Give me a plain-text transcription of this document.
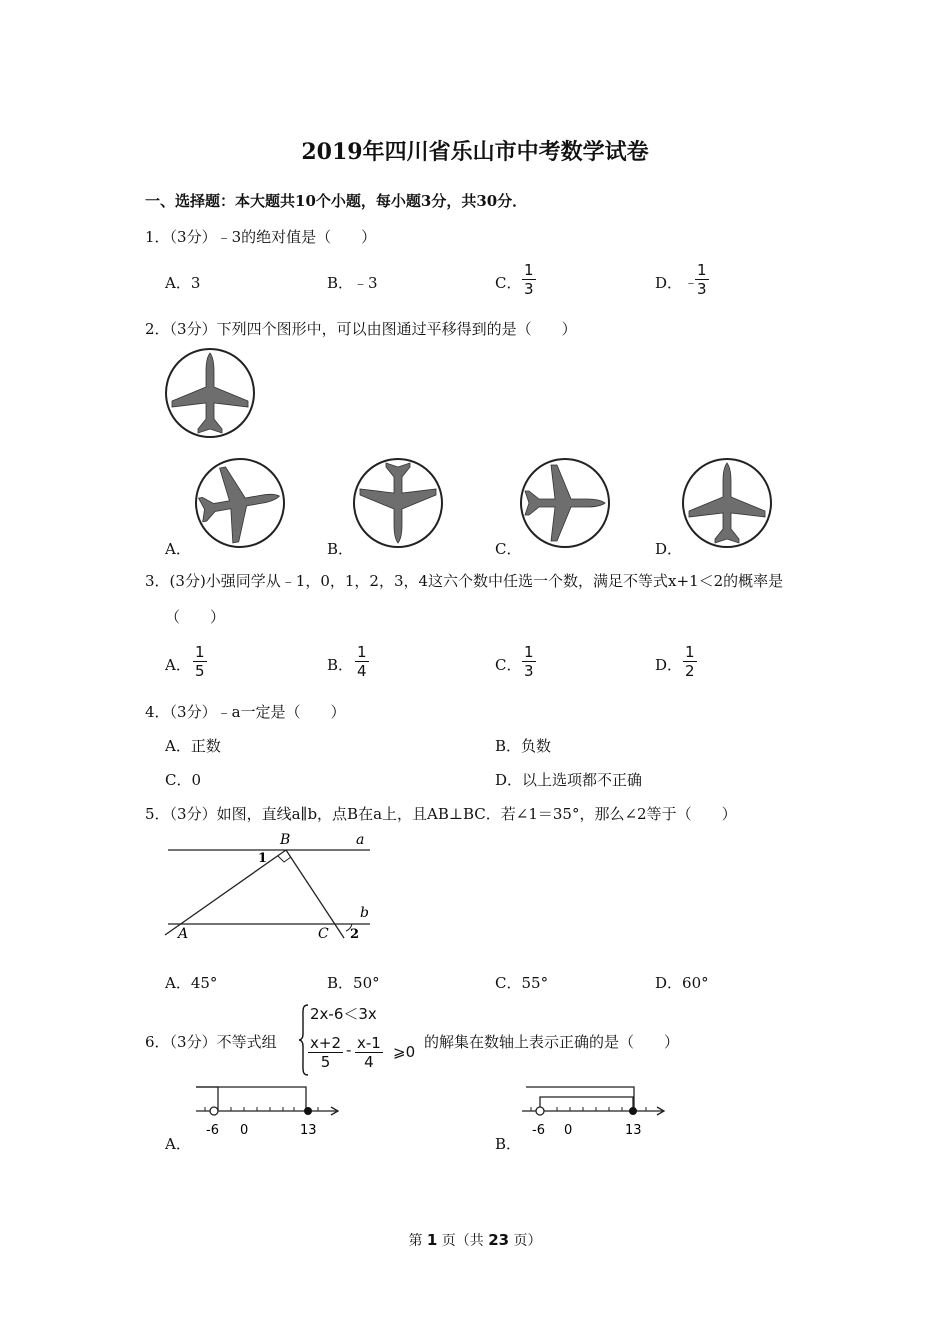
2019年四川省乐山市中考数学试卷
一、选择题：本大题共10个小题，每小题3分，共30分．
1．（3分）﹣3的绝对值是（　　）
A．3	B．﹣3	C． $\frac{1}{3}$	D． ﹣
$\frac{1}{3}$
2．（3分）下列四个图形中，可以由图通过平移得到的是（　　）
A．	B．	C．	D．
3．(3分)小强同学从﹣1，0，1，2，3，4这六个数中任选一个数，满足不等式x+1＜2的概率是
（　　）
A． $\frac{1}{5}$	B． $\frac{1}{4}$	C． $\frac{1}{3}$	D． $\frac{1}{2}$
4．（3分）﹣a一定是（　　）
A．正数	B．负数
C．0	D．以上选项都不正确
5．（3分）如图，直线a∥b，点B在a上，且AB⊥BC．若∠1＝35°，那么∠2等于（　　）
B	a
1
b
A	C 2
A．45°	B．50°	C．55°	D．60°
6．（3分）不等式组
2x-6＜3x
$\frac{x+2}{5} - \frac{x-1}{4}$ ⩾0
的解集在数轴上表示正确的是（　　）
-6 0	13
A．
-6 0	13
B．
第 1 页（共 23 页）
